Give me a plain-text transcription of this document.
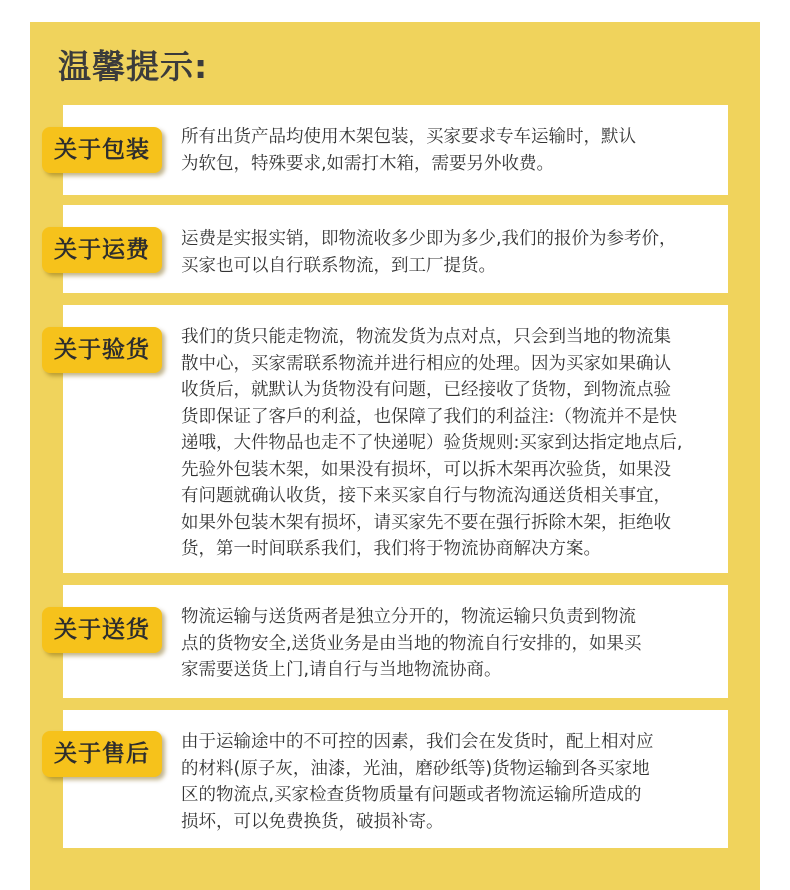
温馨提示:
关于包装	所有出货产品均使用木架包装，买家要求专车运输时，默认
为软包，特殊要求,如需打木箱，需要另外收费。

关于运费	运费是实报实销，即物流收多少即为多少,我们的报价为参考价，
买家也可以自行联系物流，到工厂提货。

关于验货	我们的货只能走物流，物流发货为点对点，只会到当地的物流集
散中心，买家需联系物流并进行相应的处理。因为买家如果确认
收货后，就默认为货物没有问题，已经接收了货物，到物流点验
货即保证了客戶的利益，也保障了我们的利益注:（物流并不是快
递哦，大件物品也走不了快递呢）验货规则:买家到达指定地点后,
先验外包装木架，如果没有损坏，可以拆木架再次验货，如果没
有问题就确认收货，接下来买家自行与物流沟通送货相关事宜，
如果外包装木架有损坏，请买家先不要在强行拆除木架，拒绝收
货，第一时间联系我们，我们将于物流协商解决方案。

关于送货	物流运输与送货两者是独立分开的，物流运输只负责到物流
点的货物安全,送货业务是由当地的物流自行安排的，如果买
家需要送货上门,请自行与当地物流协商。

关于售后	由于运输途中的不可控的因素，我们会在发货时，配上相对应
的材料(原子灰，油漆，光油，磨砂纸等)货物运输到各买家地
区的物流点,买家检查货物质量有问题或者物流运输所造成的
损坏，可以免费换货，破损补寄。
